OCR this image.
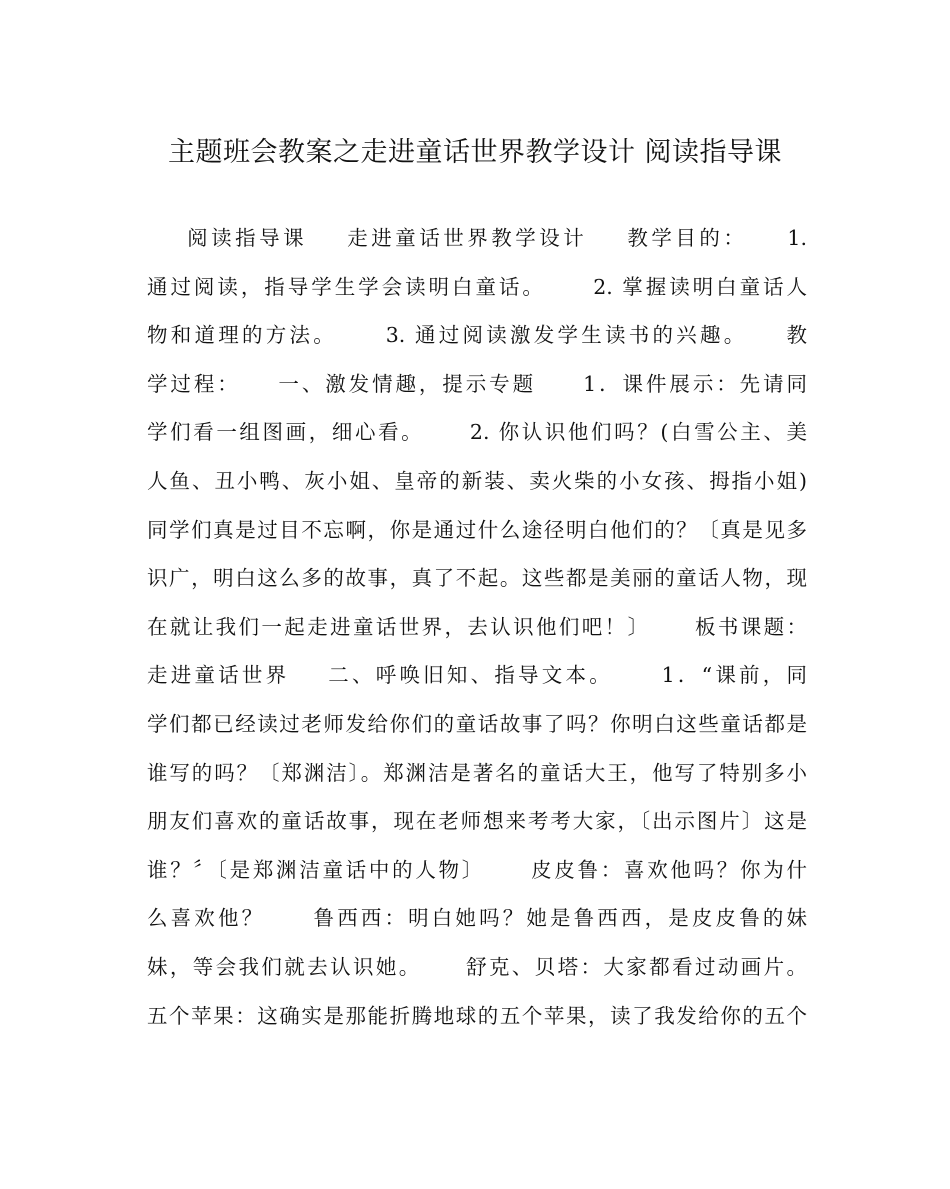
主题班会教案之走进童话世界教学设计 阅读指导课
阅读指导课    走进童话世界教学设计    教学目的：    1.
通过阅读，指导学生学会读明白童话。     2. 掌握读明白童话人
物和道理的方法。     3. 通过阅读激发学生读书的兴趣。    教
学过程：    一、激发情趣，提示专题     1．课件展示：先请同
学们看一组图画，细心看。     2. 你认识他们吗？(白雪公主、美
人鱼、丑小鸭、灰小姐、皇帝的新装、卖火柴的小女孩、拇指小姐)
同学们真是过目不忘啊，你是通过什么途径明白他们的？〔真是见多
识广，明白这么多的故事，真了不起。这些都是美丽的童话人物，现
在就让我们一起走进童话世界，去认识他们吧！〕     板书课题：
走进童话世界    二、呼唤旧知、指导文本。     1．“课前，同
学们都已经读过老师发给你们的童话故事了吗？你明白这些童话都是
谁写的吗？〔郑渊洁〕。郑渊洁是著名的童话大王，他写了特别多小
朋友们喜欢的童话故事，现在老师想来考考大家，〔出示图片〕这是
谁？〞〔是郑渊洁童话中的人物〕     皮皮鲁：喜欢他吗？你为什
么喜欢他？     鲁西西：明白她吗？她是鲁西西，是皮皮鲁的妹
妹，等会我们就去认识她。     舒克、贝塔：大家都看过动画片。
五个苹果：这确实是那能折腾地球的五个苹果，读了我发给你的五个
